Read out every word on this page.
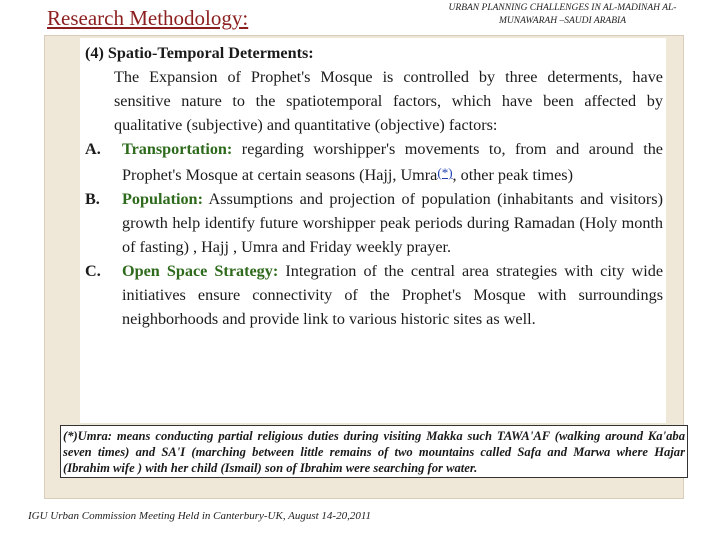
Research Methodology:	URBAN PLANNING CHALLENGES IN AL-MADINAH AL-MUNAWARAH –SAUDI ARABIA

(4) Spatio-Temporal Determents:

The Expansion of Prophet's Mosque is controlled by three determents, have sensitive nature to the spatiotemporal factors, which have been affected by qualitative (subjective) and quantitative (objective) factors:

A.	Transportation: regarding worshipper's movements to, from and around the Prophet's Mosque at certain seasons (Hajj, Umra(*), other peak times)
B.	Population: Assumptions and projection of population (inhabitants and visitors) growth help identify future worshipper peak periods during Ramadan (Holy month of fasting) , Hajj , Umra and Friday weekly prayer.
C.	Open Space Strategy: Integration of the central area strategies with city wide initiatives ensure connectivity of the Prophet's Mosque with surroundings neighborhoods and provide link to various historic sites as well.
(*)Umra: means conducting partial religious duties during visiting Makka such TAWA'AF (walking around Ka'aba seven times) and SA'I (marching between little remains of two mountains called Safa and Marwa where Hajar (Ibrahim wife ) with her child (Ismail) son of Ibrahim were searching for water.
IGU Urban Commission Meeting Held in Canterbury-UK, August 14-20,2011
